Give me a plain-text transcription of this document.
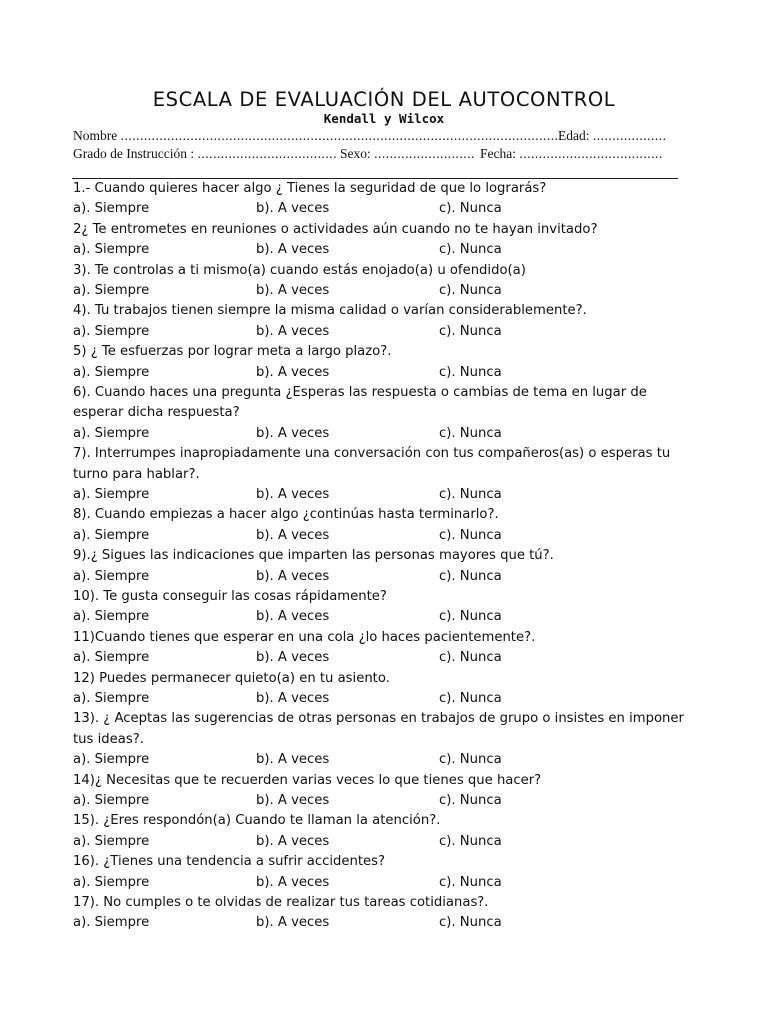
ESCALA DE EVALUACIÓN DEL AUTOCONTROL
Kendall y Wilcox
Nombre ..................................................................................................................
Edad: ...................
Grado de Instrucción : .................................... Sexo: .......................... Fecha: .....................................
1.- Cuando quieres hacer algo ¿ Tienes la seguridad de que lo lograrás?
a). Siempre	b). A veces	c). Nunca
2¿ Te entrometes en reuniones o actividades aún cuando no te hayan invitado?
a). Siempre	b). A veces	c). Nunca
3). Te controlas a ti mismo(a) cuando estás enojado(a) u ofendido(a)
a). Siempre	b). A veces	c). Nunca
4). Tu trabajos tienen siempre la misma calidad o varían considerablemente?.
a). Siempre	b). A veces	c). Nunca
5) ¿ Te esfuerzas por lograr meta a largo plazo?.
a). Siempre	b). A veces	c). Nunca
6). Cuando haces una pregunta ¿Esperas las respuesta o cambias de tema en lugar de esperar dicha respuesta?
a). Siempre	b). A veces	c). Nunca
7). Interrumpes inapropiadamente una conversación con tus compañeros(as) o esperas tu turno para hablar?.
a). Siempre	b). A veces	c). Nunca
8). Cuando empiezas a hacer algo ¿continúas hasta terminarlo?.
a). Siempre	b). A veces	c). Nunca
9).¿ Sigues las indicaciones que imparten las personas mayores que tú?.
a). Siempre	b). A veces	c). Nunca
10). Te gusta conseguir las cosas rápidamente?
a). Siempre	b). A veces	c). Nunca
11)Cuando tienes que esperar en una cola ¿lo haces pacientemente?.
a). Siempre	b). A veces	c). Nunca
12) Puedes permanecer quieto(a) en tu asiento.
a). Siempre	b). A veces	c). Nunca
13). ¿ Aceptas las sugerencias de otras personas en trabajos de grupo o insistes en imponer tus ideas?.
a). Siempre	b). A veces	c). Nunca
14)¿ Necesitas que te recuerden varias veces lo que tienes que hacer?
a). Siempre	b). A veces	c). Nunca
15). ¿Eres respondón(a) Cuando te llaman la atención?.
a). Siempre	b). A veces	c). Nunca
16). ¿Tienes una tendencia a sufrir accidentes?
a). Siempre	b). A veces	c). Nunca
17). No cumples o te olvidas de realizar tus tareas cotidianas?.
a). Siempre	b). A veces	c). Nunca
